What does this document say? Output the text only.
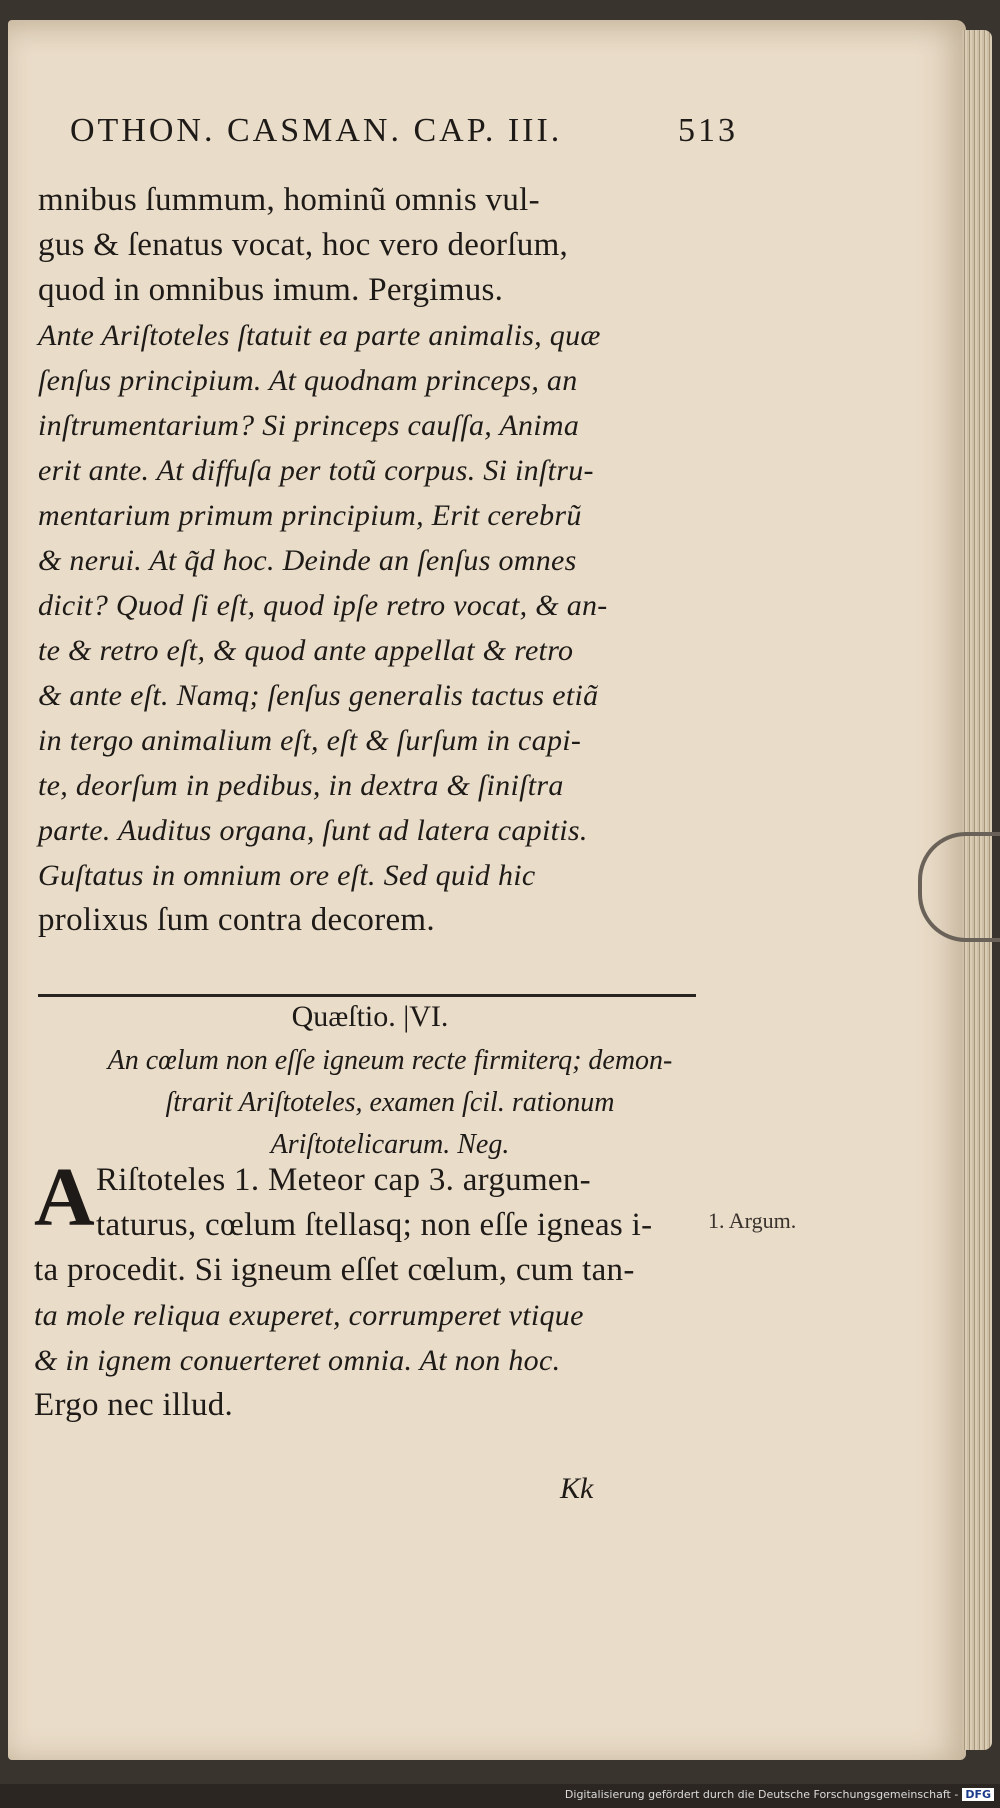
OTHON. CASMAN. CAP. III.	513
mnibus ſummum, hominũ omnis vul-
gus & ſenatus vocat, hoc vero deorſum,
quod in omnibus imum. Pergimus.
Ante Ariſtoteles ſtatuit ea parte animalis, quæ
ſenſus principium. At quodnam princeps, an
inſtrumentarium? Si princeps cauſſa, Anima
erit ante. At diffuſa per totũ corpus. Si inſtru-
mentarium primum principium, Erit cerebrũ
& nerui. At q̃d hoc. Deinde an ſenſus omnes
dicit? Quod ſi eſt, quod ipſe retro vocat, & an-
te & retro eſt, & quod ante appellat & retro
& ante eſt. Namq; ſenſus generalis tactus etiã
in tergo animalium eſt, eſt & ſurſum in capi-
te, deorſum in pedibus, in dextra & ſiniſtra
parte. Auditus organa, ſunt ad latera capitis.
Guſtatus in omnium ore eſt. Sed quid hic
prolixus ſum contra decorem.
Quæſtio. |VI.
An cœlum non eſſe igneum recte firmiterq; demon-
ſtrarit Ariſtoteles, examen ſcil. rationum
Ariſtotelicarum. Neg.
A Riſtoteles 1. Meteor cap 3. argumen-
taturus, cœlum ſtellasq; non eſſe igneas i-
ta procedit. Si igneum eſſet cœlum, cum tan-
ta mole reliqua exuperet, corrumperet vtique
& in ignem conuerteret omnia. At non hoc.
Ergo nec illud.
1. Argum.
Kk
Digitalisierung gefördert durch die Deutsche Forschungsgemeinschaft - DFG
